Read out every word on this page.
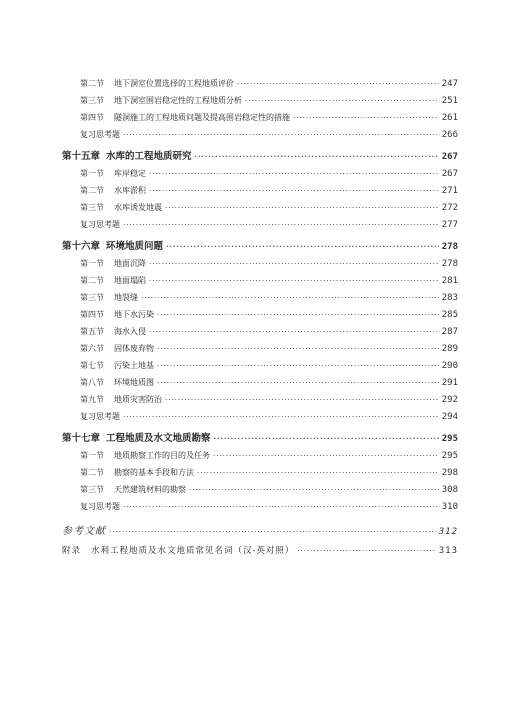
第二节	地下洞室位置选择的工程地质评价 ·····	247
第三节	地下洞室围岩稳定性的工程地质分析 ·····	251
第四节	隧洞施工的工程地质问题及提高围岩稳定性的措施 ·····	261
复习思考题 ·····	266
第十五章 水库的工程地质研究 ·····	267
第一节	库岸稳定 ·····	267
第二节	水库淤积 ·····	271
第三节	水库诱发地震 ·····	272
复习思考题 ·····	277
第十六章 环境地质问题 ·····	278
第一节	地面沉降 ·····	278
第二节	地面塌陷 ·····	281
第三节	地裂缝 ·····	283
第四节	地下水污染 ·····	285
第五节	海水入侵 ·····	287
第六节	固体废弃物 ·····	289
第七节	污染土地基 ·····	290
第八节	环境地质图 ·····	291
第九节	地质灾害防治 ·····	292
复习思考题 ·····	294
第十七章 工程地质及水文地质勘察 ·····	295
第一节	地质勘察工作的目的及任务 ·····	295
第二节	勘察的基本手段和方法 ·····	298
第三节	天然建筑材料的勘察 ·····	308
复习思考题 ·····	310
参考文献 ·····	312
附录 水利工程地质及水文地质常见名词（汉-英对照） ·····	313
